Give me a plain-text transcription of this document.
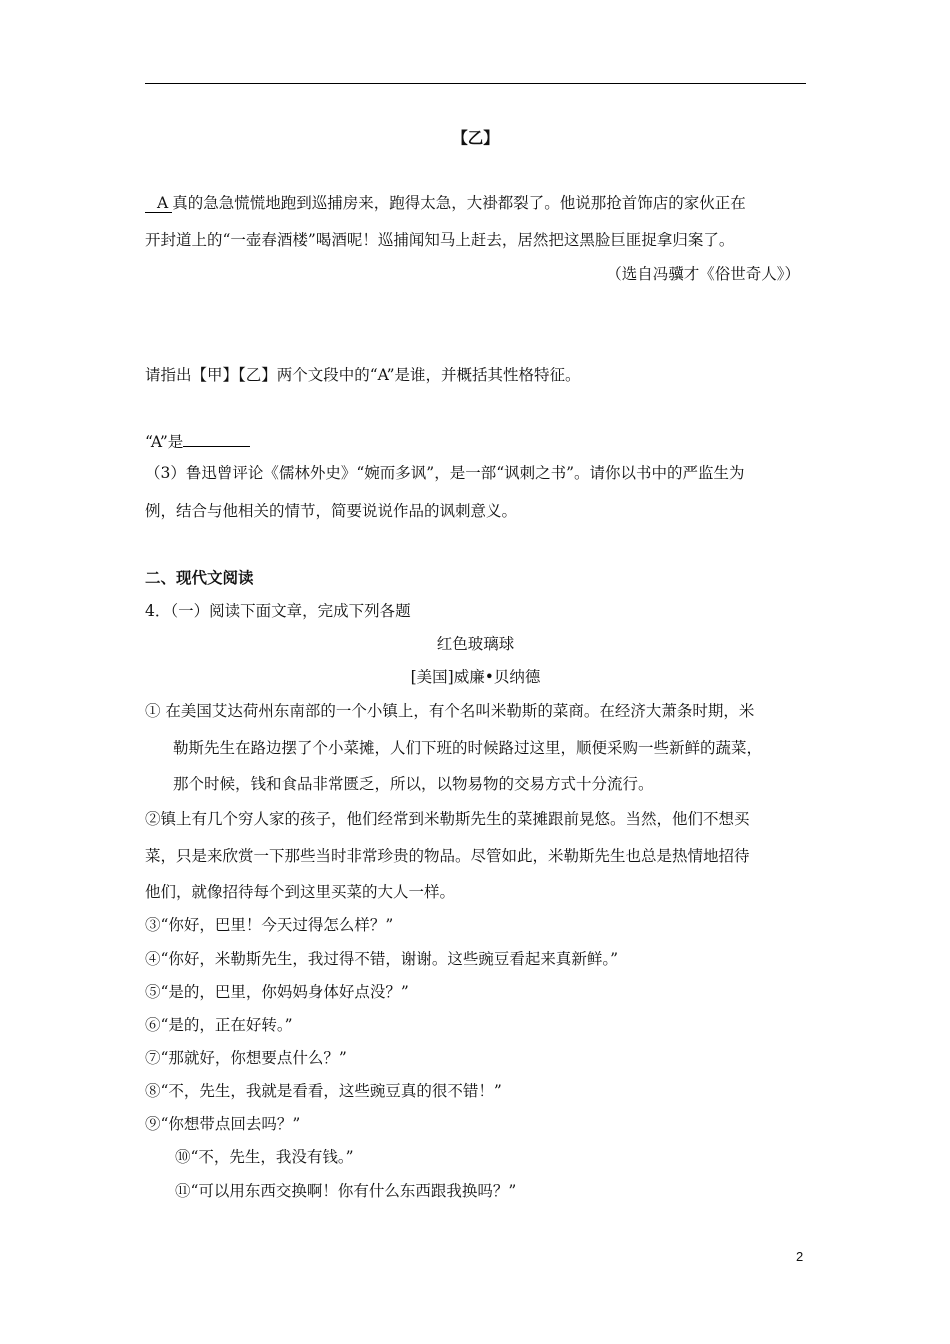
【乙】
A 真的急急慌慌地跑到巡捕房来，跑得太急，大褂都裂了。他说那抢首饰店的家伙正在
开封道上的“一壶春酒楼”喝酒呢！巡捕闻知马上赶去，居然把这黑脸巨匪捉拿归案了。
（选自冯骥才《俗世奇人》）
请指出【甲】【乙】两个文段中的“A”是谁，并概括其性格特征。
“A”是
（3）鲁迅曾评论《儒林外史》“婉而多讽”，是一部“讽刺之书”。请你以书中的严监生为
例，结合与他相关的情节，简要说说作品的讽刺意义。
二、现代文阅读
4．（一）阅读下面文章，完成下列各题
红色玻璃球
[美国]威廉•贝纳德
① 在美国艾达荷州东南部的一个小镇上，有个名叫米勒斯的菜商。在经济大萧条时期，米
勒斯先生在路边摆了个小菜摊，人们下班的时候路过这里，顺便采购一些新鲜的蔬菜，
那个时候，钱和食品非常匮乏，所以，以物易物的交易方式十分流行。
②镇上有几个穷人家的孩子，他们经常到米勒斯先生的菜摊跟前晃悠。当然，他们不想买
菜，只是来欣赏一下那些当时非常珍贵的物品。尽管如此，米勒斯先生也总是热情地招待
他们，就像招待每个到这里买菜的大人一样。
③“你好，巴里！今天过得怎么样？”
④“你好，米勒斯先生，我过得不错，谢谢。这些豌豆看起来真新鲜。”
⑤“是的，巴里，你妈妈身体好点没？”
⑥“是的，正在好转。”
⑦“那就好，你想要点什么？”
⑧“不，先生，我就是看看，这些豌豆真的很不错！”
⑨“你想带点回去吗？”
⑩“不，先生，我没有钱。”
⑪“可以用东西交换啊！你有什么东西跟我换吗？”
2
